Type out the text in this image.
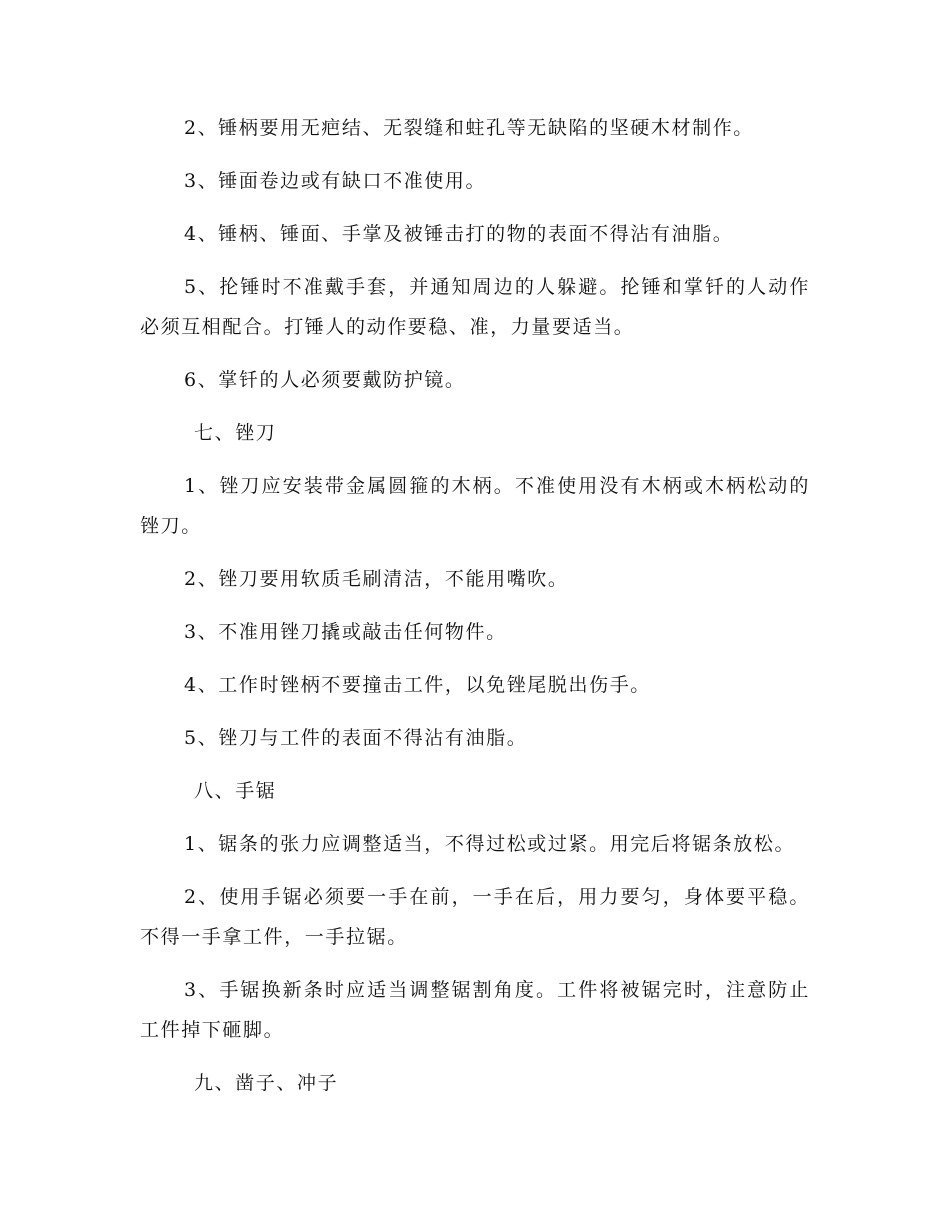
2、锤柄要用无疤结、无裂缝和蛀孔等无缺陷的坚硬木材制作。

3、锤面卷边或有缺口不准使用。

4、锤柄、锤面、手掌及被锤击打的物的表面不得沾有油脂。

5、抡锤时不准戴手套，并通知周边的人躲避。抡锤和掌钎的人动作必须互相配合。打锤人的动作要稳、准，力量要适当。

6、掌钎的人必须要戴防护镜。

七、锉刀

1、锉刀应安装带金属圆箍的木柄。不准使用没有木柄或木柄松动的锉刀。

2、锉刀要用软质毛刷清洁，不能用嘴吹。

3、不准用锉刀撬或敲击任何物件。

4、工作时锉柄不要撞击工件，以免锉尾脱出伤手。

5、锉刀与工件的表面不得沾有油脂。

八、手锯

1、锯条的张力应调整适当，不得过松或过紧。用完后将锯条放松。

2、使用手锯必须要一手在前，一手在后，用力要匀，身体要平稳。不得一手拿工件，一手拉锯。

3、手锯换新条时应适当调整锯割角度。工件将被锯完时，注意防止工件掉下砸脚。

九、凿子、冲子
